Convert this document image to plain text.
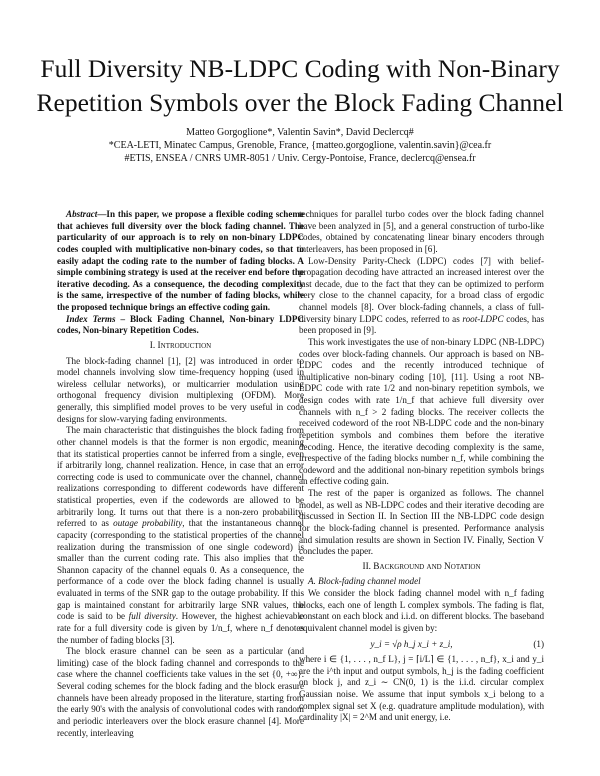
Full Diversity NB-LDPC Coding with Non-Binary
Repetition Symbols over the Block Fading Channel
Matteo Gorgoglione*, Valentin Savin*, David Declercq#
*CEA-LETI, Minatec Campus, Grenoble, France, {matteo.gorgoglione, valentin.savin}@cea.fr
#ETIS, ENSEA / CNRS UMR-8051 / Univ. Cergy-Pontoise, France, declercq@ensea.fr

Abstract—In this paper, we propose a flexible coding scheme that achieves full diversity over the block fading channel. The particularity of our approach is to rely on non-binary LDPC codes coupled with multiplicative non-binary codes, so that to easily adapt the coding rate to the number of fading blocks. A simple combining strategy is used at the receiver end before the iterative decoding. As a consequence, the decoding complexity is the same, irrespective of the number of fading blocks, while the proposed technique brings an effective coding gain.

Index Terms – Block Fading Channel, Non-binary LDPC codes, Non-binary Repetition Codes.

I. Introduction

The block-fading channel [1], [2] was introduced in order to model channels involving slow time-frequency hopping (used in wireless cellular networks), or multicarrier modulation using orthogonal frequency division multiplexing (OFDM). More generally, this simplified model proves to be very useful in code designs for slow-varying fading environments.

The main characteristic that distinguishes the block fading from other channel models is that the former is non ergodic, meaning that its statistical properties cannot be inferred from a single, even if arbitrarily long, channel realization. Hence, in case that an error correcting code is used to communicate over the channel, channel realizations corresponding to different codewords have different statistical properties, even if the codewords are allowed to be arbitrarily long. It turns out that there is a non-zero probability, referred to as outage probability, that the instantaneous channel capacity (corresponding to the statistical properties of the channel realization during the transmission of one single codeword) is smaller than the current coding rate. This also implies that the Shannon capacity of the channel equals 0. As a consequence, the performance of a code over the block fading channel is usually evaluated in terms of the SNR gap to the outage probability. If this gap is maintained constant for arbitrarily large SNR values, the code is said to be full diversity. However, the highest achievable rate for a full diversity code is given by 1/n_f, where n_f denotes the number of fading blocks [3].

The block erasure channel can be seen as a particular (and limiting) case of the block fading channel and corresponds to the case where the channel coefficients take values in the set {0, +∞}. Several coding schemes for the block fading and the block erasure channels have been already proposed in the literature, starting from the early 90's with the analysis of convolutional codes with random and periodic interleavers over the block erasure channel [4]. More recently, interleaving

techniques for parallel turbo codes over the block fading channel have been analyzed in [5], and a general construction of turbo-like codes, obtained by concatenating linear binary encoders through interleavers, has been proposed in [6].

Low-Density Parity-Check (LDPC) codes [7] with belief-propagation decoding have attracted an increased interest over the last decade, due to the fact that they can be optimized to perform very close to the channel capacity, for a broad class of ergodic channel models [8]. Over block-fading channels, a class of full-diversity binary LDPC codes, referred to as root-LDPC codes, has been proposed in [9].

This work investigates the use of non-binary LDPC (NB-LDPC) codes over block-fading channels. Our approach is based on NB-LDPC codes and the recently introduced technique of multiplicative non-binary coding [10], [11]. Using a root NB-LDPC code with rate 1/2 and non-binary repetition symbols, we design codes with rate 1/n_f that achieve full diversity over channels with n_f > 2 fading blocks. The receiver collects the received codeword of the root NB-LDPC code and the non-binary repetition symbols and combines them before the iterative decoding. Hence, the iterative decoding complexity is the same, irrespective of the fading blocks number n_f, while combining the codeword and the additional non-binary repetition symbols brings an effective coding gain.

The rest of the paper is organized as follows. The channel model, as well as NB-LDPC codes and their iterative decoding are discussed in Section II. In Section III the NB-LDPC code design for the block-fading channel is presented. Performance analysis and simulation results are shown in Section IV. Finally, Section V concludes the paper.

II. Background and Notation

A. Block-fading channel model

We consider the block fading channel model with n_f fading blocks, each one of length L complex symbols. The fading is flat, constant on each block and i.i.d. on different blocks. The baseband equivalent channel model is given by:

y_i = √ρ h_j x_i + z_i,	(1)

where i ∈ {1, . . . , n_f L}, j = ⌈i/L⌉ ∈ {1, . . . , n_f}, x_i and y_i are the i^th input and output symbols, h_j is the fading coefficient on block j, and z_i ∼ CN(0, 1) is the i.i.d. circular complex Gaussian noise. We assume that input symbols x_i belong to a complex signal set X (e.g. quadrature amplitude modulation), with cardinality |X| = 2^M and unit energy, i.e.
